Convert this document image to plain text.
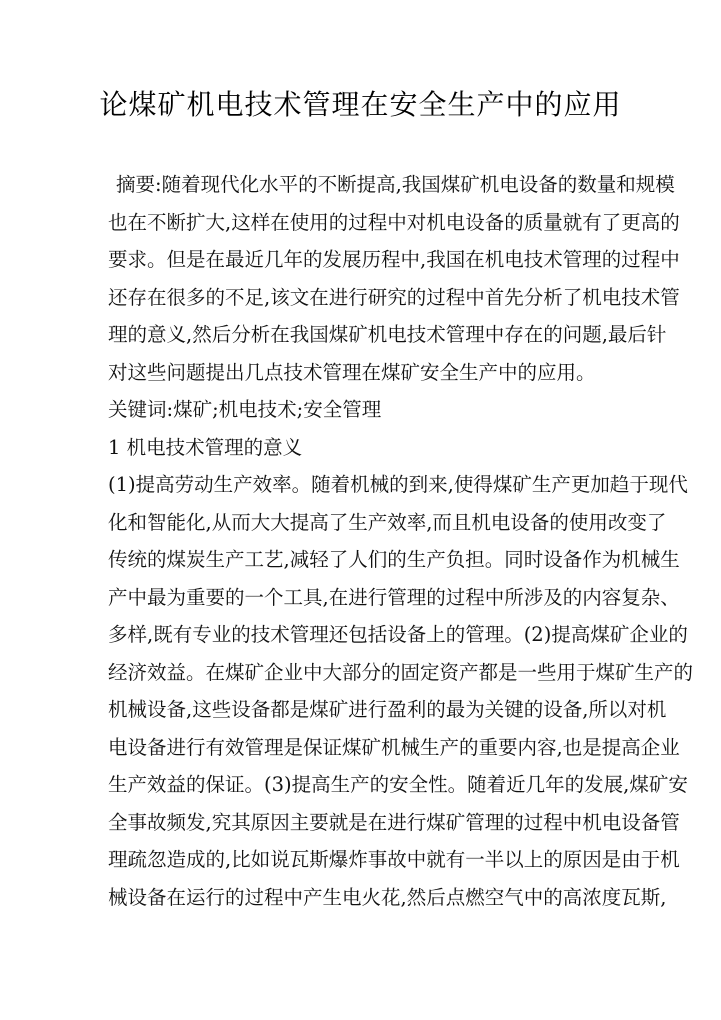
论煤矿机电技术管理在安全生产中的应用
摘要:随着现代化水平的不断提高,我国煤矿机电设备的数量和规模
也在不断扩大,这样在使用的过程中对机电设备的质量就有了更高的
要求。但是在最近几年的发展历程中,我国在机电技术管理的过程中
还存在很多的不足,该文在进行研究的过程中首先分析了机电技术管
理的意义,然后分析在我国煤矿机电技术管理中存在的问题,最后针
对这些问题提出几点技术管理在煤矿安全生产中的应用。
关键词:煤矿;机电技术;安全管理
1 机电技术管理的意义
(1)提高劳动生产效率。随着机械的到来,使得煤矿生产更加趋于现代
化和智能化,从而大大提高了生产效率,而且机电设备的使用改变了
传统的煤炭生产工艺,减轻了人们的生产负担。同时设备作为机械生
产中最为重要的一个工具,在进行管理的过程中所涉及的内容复杂、
多样,既有专业的技术管理还包括设备上的管理。(2)提高煤矿企业的
经济效益。在煤矿企业中大部分的固定资产都是一些用于煤矿生产的
机械设备,这些设备都是煤矿进行盈利的最为关键的设备,所以对机
电设备进行有效管理是保证煤矿机械生产的重要内容,也是提高企业
生产效益的保证。(3)提高生产的安全性。随着近几年的发展,煤矿安
全事故频发,究其原因主要就是在进行煤矿管理的过程中机电设备管
理疏忽造成的,比如说瓦斯爆炸事故中就有一半以上的原因是由于机
械设备在运行的过程中产生电火花,然后点燃空气中的高浓度瓦斯,
